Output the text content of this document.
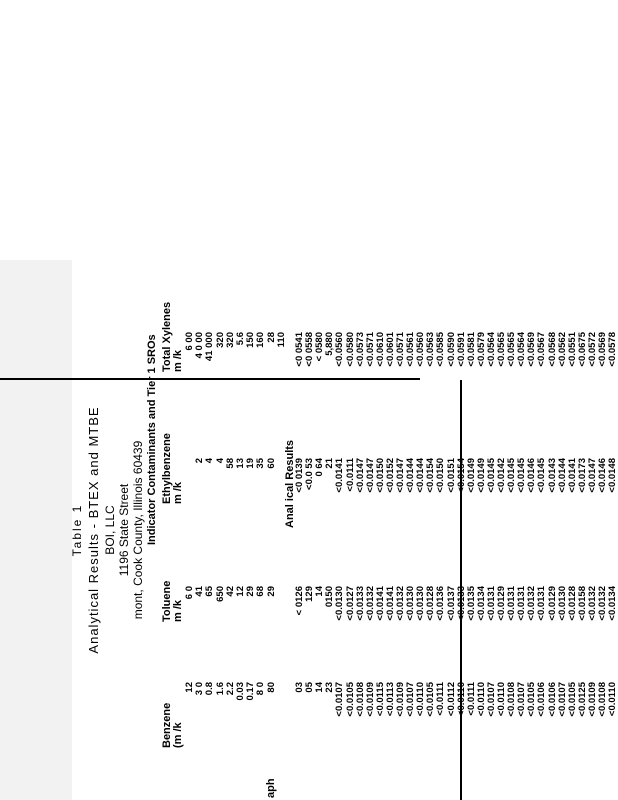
Table 1 Analytical Results - BTEX and MTBE BOI, LLC 1196 State Street mont, Cook County, Illinois 60439 Indicator Contaminants and Tier 1 SROs
Benzene (m /k
Toluene m /k
Ethylbenzene m /k
Total Xylenes m /k
aph
Anal ical Results
12
6 0
6 00
3 0
41
2
4 0 00
0.8
65
4
41 000
1.6
650
4
320
2.2
42
58
320
0.03
12
13
5.6
0.17
29
19
150
8 0
68
35
160
80
29
60
28 110
03
< 0126
<0 0139
<0 0541
05
129
<0.0 53
<0 0558
14
14
0 64
< 0580
23
0150
21
5,880
<0.0107
<0.0130
<0.0141
<0.0560
<0.0105
<0.0127
<0.0111
<0.0580
<0.0108
<0.0133
<0.0147
<0.0573
<0.0109
<0.0132
<0.0147
<0.0571
<0.0115
<0.0141
<0.0150
<0.0610
<0.0113
<0.0141
<0.0152
<0.0601
<0.0109
<0.0132
<0.0147
<0.0571
<0.0107
<0.0130
<0.0144
<0.0561
<0.0110
<0.0130
<0.0144
<0.0560
<0.0105
<0.0128
<0.0154
<0.0563
<0.0111
<0.0136
<0.0150
<0.0585
<0.0112
<0.0137
<0.0151
<0.0590
<0.0110
<0.0133
<0.0154
<0.0591
<0.0111
<0.0135
<0.0149
<0.0581
<0.0110
<0.0134
<0.0149
<0.0579
<0.0107
<0.0131
<0.0145
<0.0564
<0.0110
<0.0129
<0.0142
<0.0565
<0.0108
<0.0131
<0.0145
<0.0565
<0.0107
<0.0131
<0.0145
<0.0564
<0.0105
<0.0132
<0.0146
<0.0569
<0.0106
<0.0131
<0.0145
<0.0567
<0.0106
<0.0129
<0.0143
<0.0568
<0.0107
<0.0130
<0.0144
<0.0562
<0.0105
<0.0128
<0.0141
<0.0551
<0.0125
<0.0158
<0.0173
<0.0675
<0.0109
<0.0132
<0.0147
<0.0572
<0.0108
<0.0132
<0.0146
<0.0569
<0.0110
<0.0134
<0.0148
<0.0578
